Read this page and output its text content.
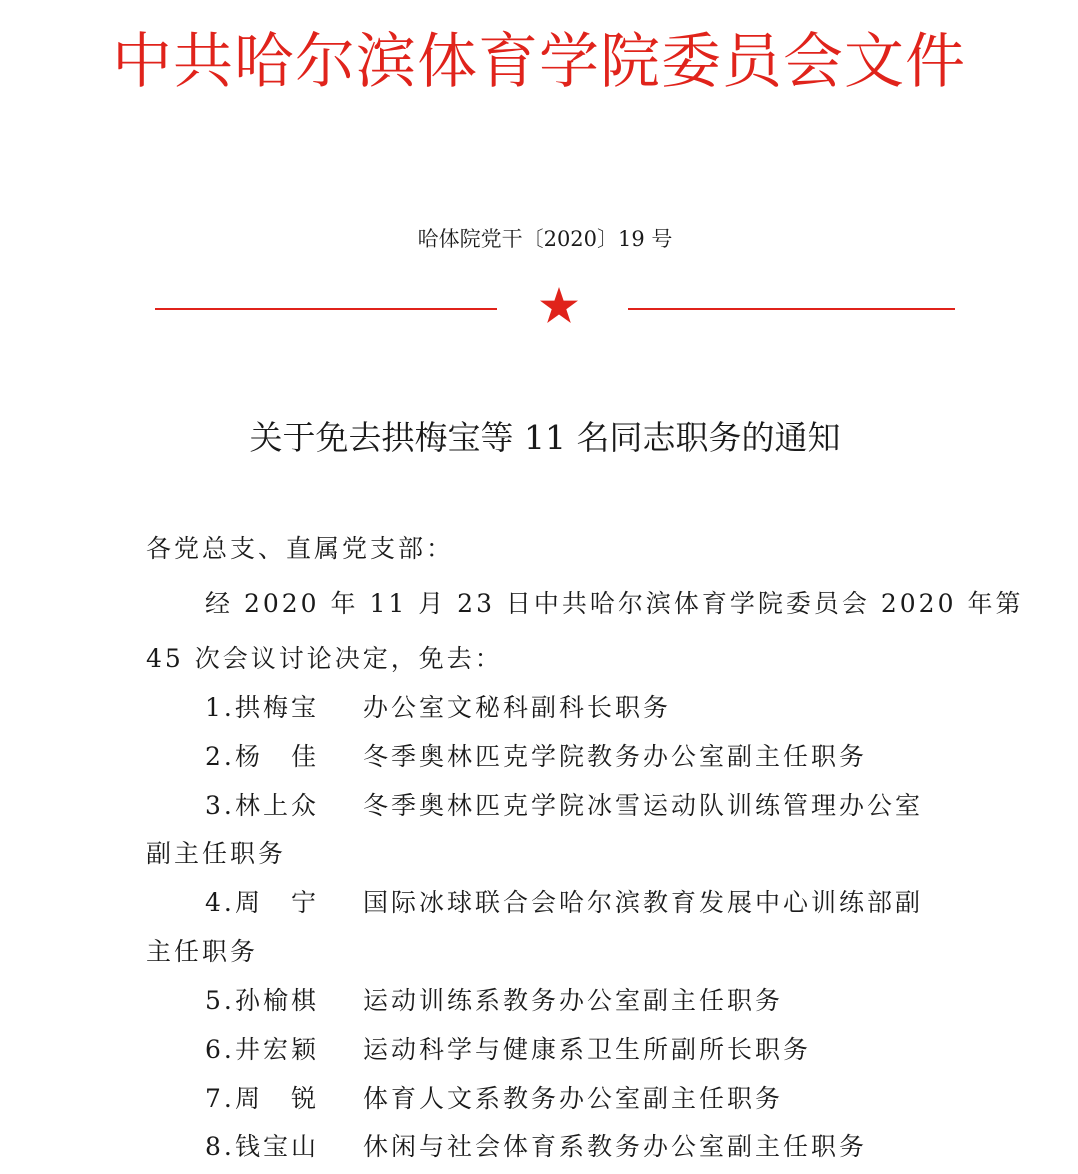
中共哈尔滨体育学院委员会文件
哈体院党干〔2020〕19 号
关于免去拱梅宝等 11 名同志职务的通知
各党总支、直属党支部：
经 2020 年 11 月 23 日中共哈尔滨体育学院委员会 2020 年第
45 次会议讨论决定，免去：
1.拱梅宝 办公室文秘科副科长职务
2.杨　佳 冬季奥林匹克学院教务办公室副主任职务
3.林上众 冬季奥林匹克学院冰雪运动队训练管理办公室
副主任职务
4.周　宁 国际冰球联合会哈尔滨教育发展中心训练部副
主任职务
5.孙榆棋 运动训练系教务办公室副主任职务
6.井宏颖 运动科学与健康系卫生所副所长职务
7.周　锐 体育人文系教务办公室副主任职务
8.钱宝山 休闲与社会体育系教务办公室副主任职务
